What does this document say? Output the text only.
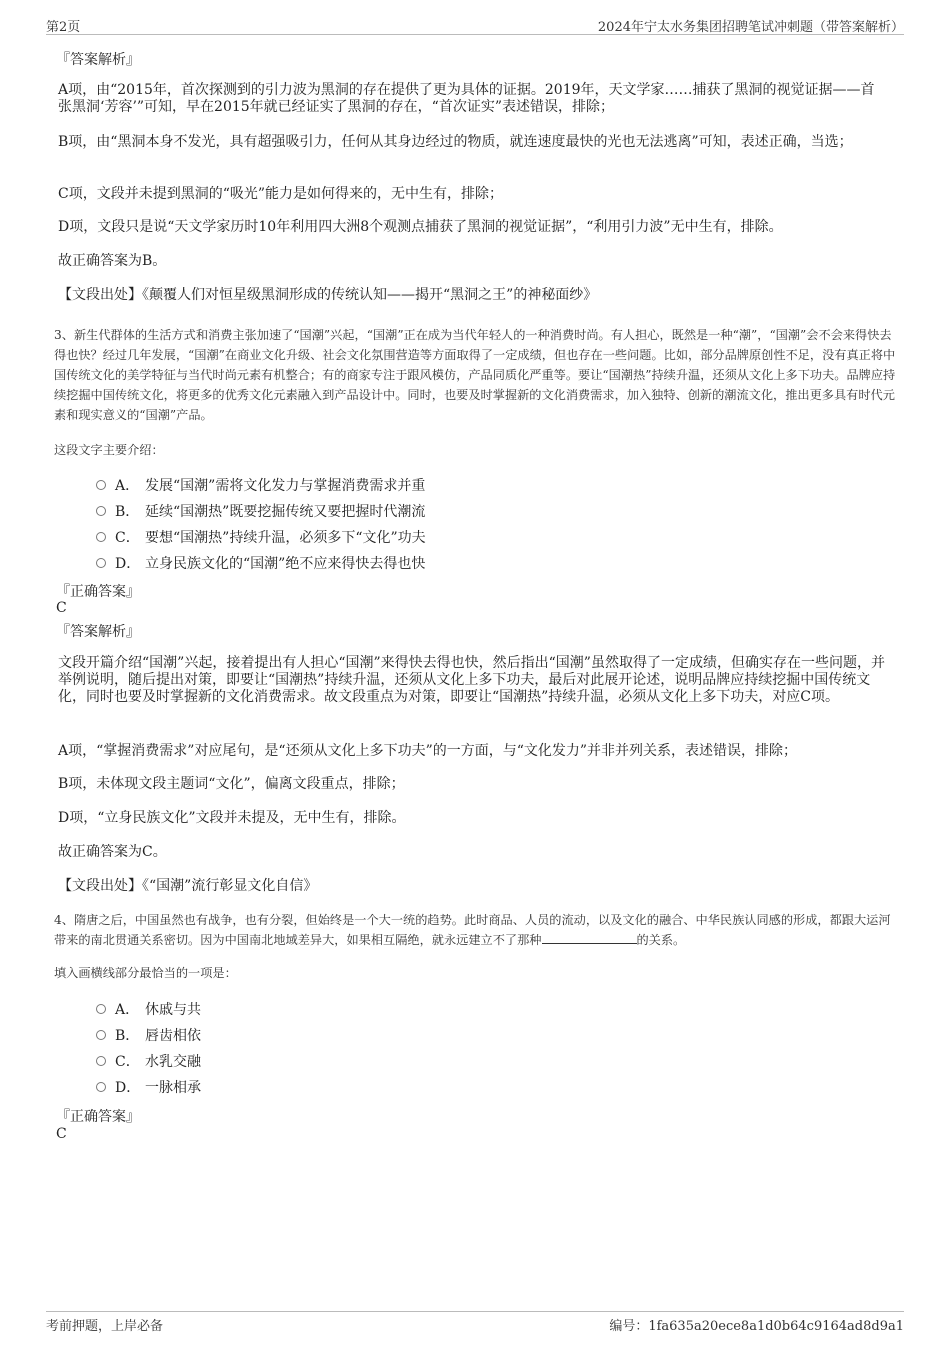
第2页	2024年宁太水务集团招聘笔试冲刺题（带答案解析）
『答案解析』
A项，由“2015年，首次探测到的引力波为黑洞的存在提供了更为具体的证据。2019年，天文学家……捕获了黑洞的视觉证据——首张黑洞‘芳容’”可知，早在2015年就已经证实了黑洞的存在，“首次证实”表述错误，排除；
B项，由“黑洞本身不发光，具有超强吸引力，任何从其身边经过的物质，就连速度最快的光也无法逃离”可知，表述正确，当选；
C项，文段并未提到黑洞的“吸光”能力是如何得来的，无中生有，排除；
D项，文段只是说“天文学家历时10年利用四大洲8个观测点捕获了黑洞的视觉证据”，“利用引力波”无中生有，排除。
故正确答案为B。
【文段出处】《颠覆人们对恒星级黑洞形成的传统认知——揭开“黑洞之王”的神秘面纱》
3、新生代群体的生活方式和消费主张加速了“国潮”兴起，“国潮”正在成为当代年轻人的一种消费时尚。有人担心，既然是一种“潮”，“国潮”会不会来得快去得也快？经过几年发展，“国潮”在商业文化升级、社会文化氛围营造等方面取得了一定成绩，但也存在一些问题。比如，部分品牌原创性不足，没有真正将中国传统文化的美学特征与当代时尚元素有机整合；有的商家专注于跟风模仿，产品同质化严重等。要让“国潮热”持续升温，还须从文化上多下功夫。品牌应持续挖掘中国传统文化，将更多的优秀文化元素融入到产品设计中。同时，也要及时掌握新的文化消费需求，加入独特、创新的潮流文化，推出更多具有时代元素和现实意义的“国潮”产品。
这段文字主要介绍：
A． 发展“国潮”需将文化发力与掌握消费需求并重
B． 延续“国潮热”既要挖掘传统又要把握时代潮流
C． 要想“国潮热”持续升温，必须多下“文化”功夫
D． 立身民族文化的“国潮”绝不应来得快去得也快
『正确答案』
C
『答案解析』
文段开篇介绍“国潮”兴起，接着提出有人担心“国潮”来得快去得也快，然后指出“国潮”虽然取得了一定成绩，但确实存在一些问题，并举例说明，随后提出对策，即要让“国潮热”持续升温，还须从文化上多下功夫，最后对此展开论述，说明品牌应持续挖掘中国传统文化，同时也要及时掌握新的文化消费需求。故文段重点为对策，即要让“国潮热”持续升温，必须从文化上多下功夫，对应C项。
A项，“掌握消费需求”对应尾句，是“还须从文化上多下功夫”的一方面，与“文化发力”并非并列关系，表述错误，排除；
B项，未体现文段主题词“文化”，偏离文段重点，排除；
D项，“立身民族文化”文段并未提及，无中生有，排除。
故正确答案为C。
【文段出处】《“国潮”流行彰显文化自信》
4、隋唐之后，中国虽然也有战争，也有分裂，但始终是一个大一统的趋势。此时商品、人员的流动，以及文化的融合、中华民族认同感的形成，都跟大运河带来的南北贯通关系密切。因为中国南北地域差异大，如果相互隔绝，就永远建立不了那种	的关系。
填入画横线部分最恰当的一项是：
A． 休戚与共
B． 唇齿相依
C． 水乳交融
D． 一脉相承
『正确答案』
C
考前押题，上岸必备	编号：1fa635a20ece8a1d0b64c9164ad8d9a1
